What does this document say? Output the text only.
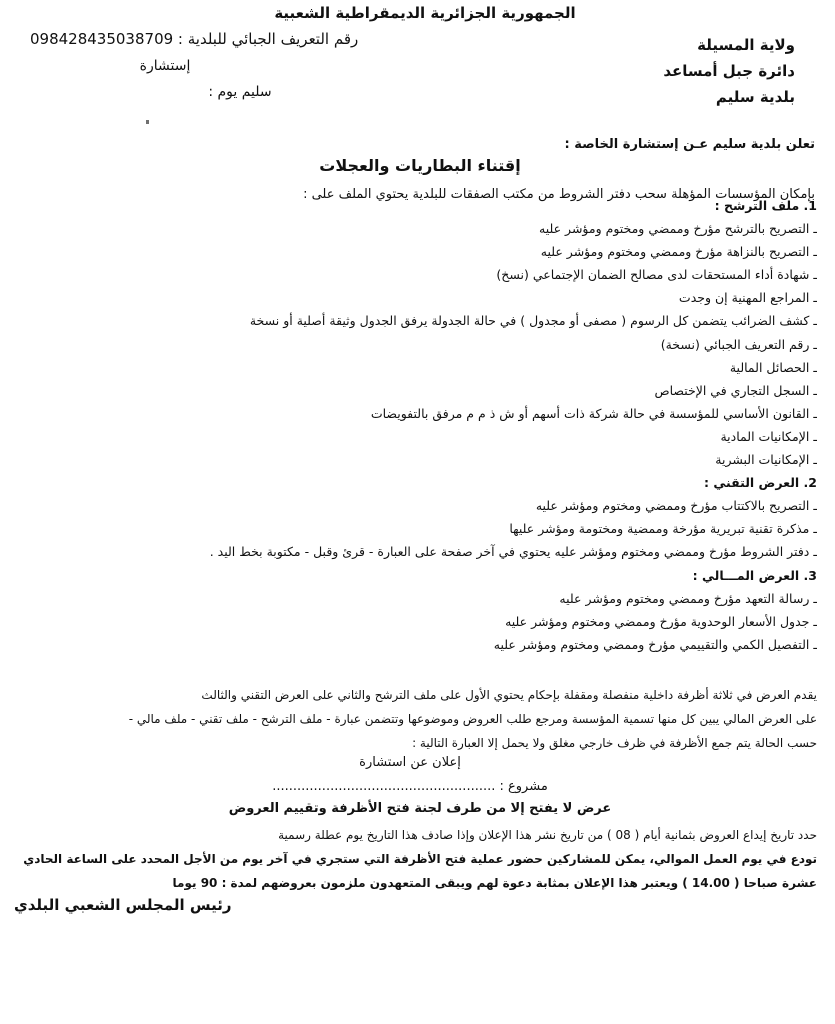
الجمهورية الجزائرية الديمقراطية الشعبية
رقم التعريف الجبائي للبلدية : 098428435038709
إستشارة
سليم يوم :
ولاية المسيلة
دائرة جبل أمساعد
بلدية سليم
تعلن بلدية سليم عـن إستشارة الخاصة :
إقتناء البطاريات والعجلات
بإمكان المؤسسات المؤهلة سحب دفتر الشروط من مكتب الصفقات للبلدية يحتوي الملف على :
1. ملف الترشح :
ـ التصريح بالترشح مؤرخ وممضي ومختوم ومؤشر عليه
ـ التصريح بالنزاهة مؤرخ وممضي ومختوم ومؤشر عليه
ـ شهادة أداء المستحقات لدى مصالح الضمان الإجتماعي (نسخ)
ـ المراجع المهنية إن وجدت
ـ كشف الضرائب يتضمن كل الرسوم ( مصفى أو مجدول ) في حالة الجدولة يرفق الجدول وثيقة أصلية أو نسخة
ـ رقم التعريف الجبائي (نسخة)
ـ الحصائل المالية
ـ السجل التجاري في الإختصاص
ـ القانون الأساسي للمؤسسة في حالة شركة ذات أسهم أو ش ذ م م مرفق بالتفويضات
ـ الإمكانيات المادية
ـ الإمكانيات البشرية
2. العرض التقني :
ـ التصريح بالاكتتاب مؤرخ وممضي ومختوم ومؤشر عليه
ـ مذكرة تقنية تبريرية مؤرخة وممضية ومختومة ومؤشر عليها
ـ دفتر الشروط مؤرخ وممضي ومختوم ومؤشر عليه يحتوي في آخر صفحة على العبارة - قرئ وقبل - مكتوبة بخط اليد .
3. العرض المـــالي :
ـ رسالة التعهد مؤرخ وممضي ومختوم ومؤشر عليه
ـ جدول الأسعار الوحدوية مؤرخ وممضي ومختوم ومؤشر عليه
ـ التفصيل الكمي والتقييمي مؤرخ وممضي ومختوم ومؤشر عليه
يقدم العرض في ثلاثة أظرفة داخلية منفصلة ومقفلة بإحكام يحتوي الأول على ملف الترشح والثاني على العرض التقني والثالث
على العرض المالي يبين كل منها تسمية المؤسسة ومرجع طلب العروض وموضوعها وتتضمن عبارة - ملف الترشح - ملف تقني - ملف مالي -
حسب الحالة يتم جمع الأظرفة في ظرف خارجي مغلق ولا يحمل إلا العبارة التالية :
إعلان عن استشارة
مشروع : ......................................................
عرض لا يفتح إلا من طرف لجنة فتح الأظرفة وتقييم العروض
حدد تاريخ إيداع العروض بثمانية أيام ( 08 ) من تاريخ نشر هذا الإعلان وإذا صادف هذا التاريخ يوم عطلة رسمية
تودع في يوم العمل الموالي، يمكن للمشاركين حضور عملية فتح الأظرفة التي ستجري في آخر يوم من الأجل المحدد على الساعة الحادي
عشرة صباحا ( 14.00 ) ويعتبر هذا الإعلان بمثابة دعوة لهم ويبقى المتعهدون ملزمون بعروضهم لمدة : 90 يوما
رئيس المجلس الشعبي البلدي
